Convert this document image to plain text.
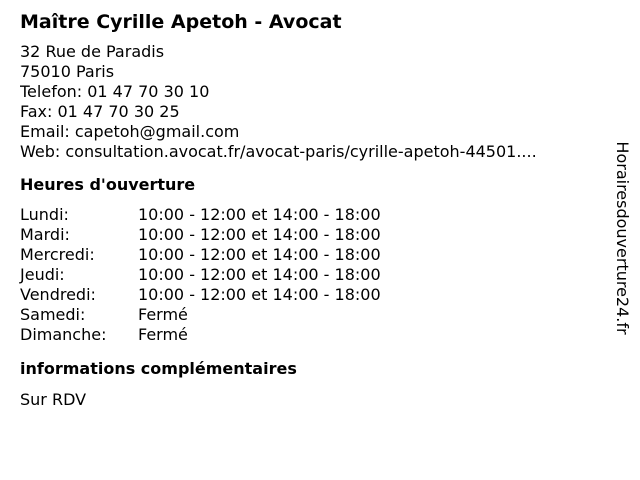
Maître Cyrille Apetoh - Avocat
32 Rue de Paradis
75010 Paris
Telefon: 01 47 70 30 10
Fax: 01 47 70 30 25
Email: capetoh@gmail.com
Web: consultation.avocat.fr/avocat-paris/cyrille-apetoh-44501....
Heures d'ouverture
Lundi:	10:00 - 12:00 et 14:00 - 18:00
Mardi:	10:00 - 12:00 et 14:00 - 18:00
Mercredi:	10:00 - 12:00 et 14:00 - 18:00
Jeudi:	10:00 - 12:00 et 14:00 - 18:00
Vendredi:	10:00 - 12:00 et 14:00 - 18:00
Samedi:	Fermé
Dimanche:	Fermé
informations complémentaires
Sur RDV
Horairesdouverture24.fr
